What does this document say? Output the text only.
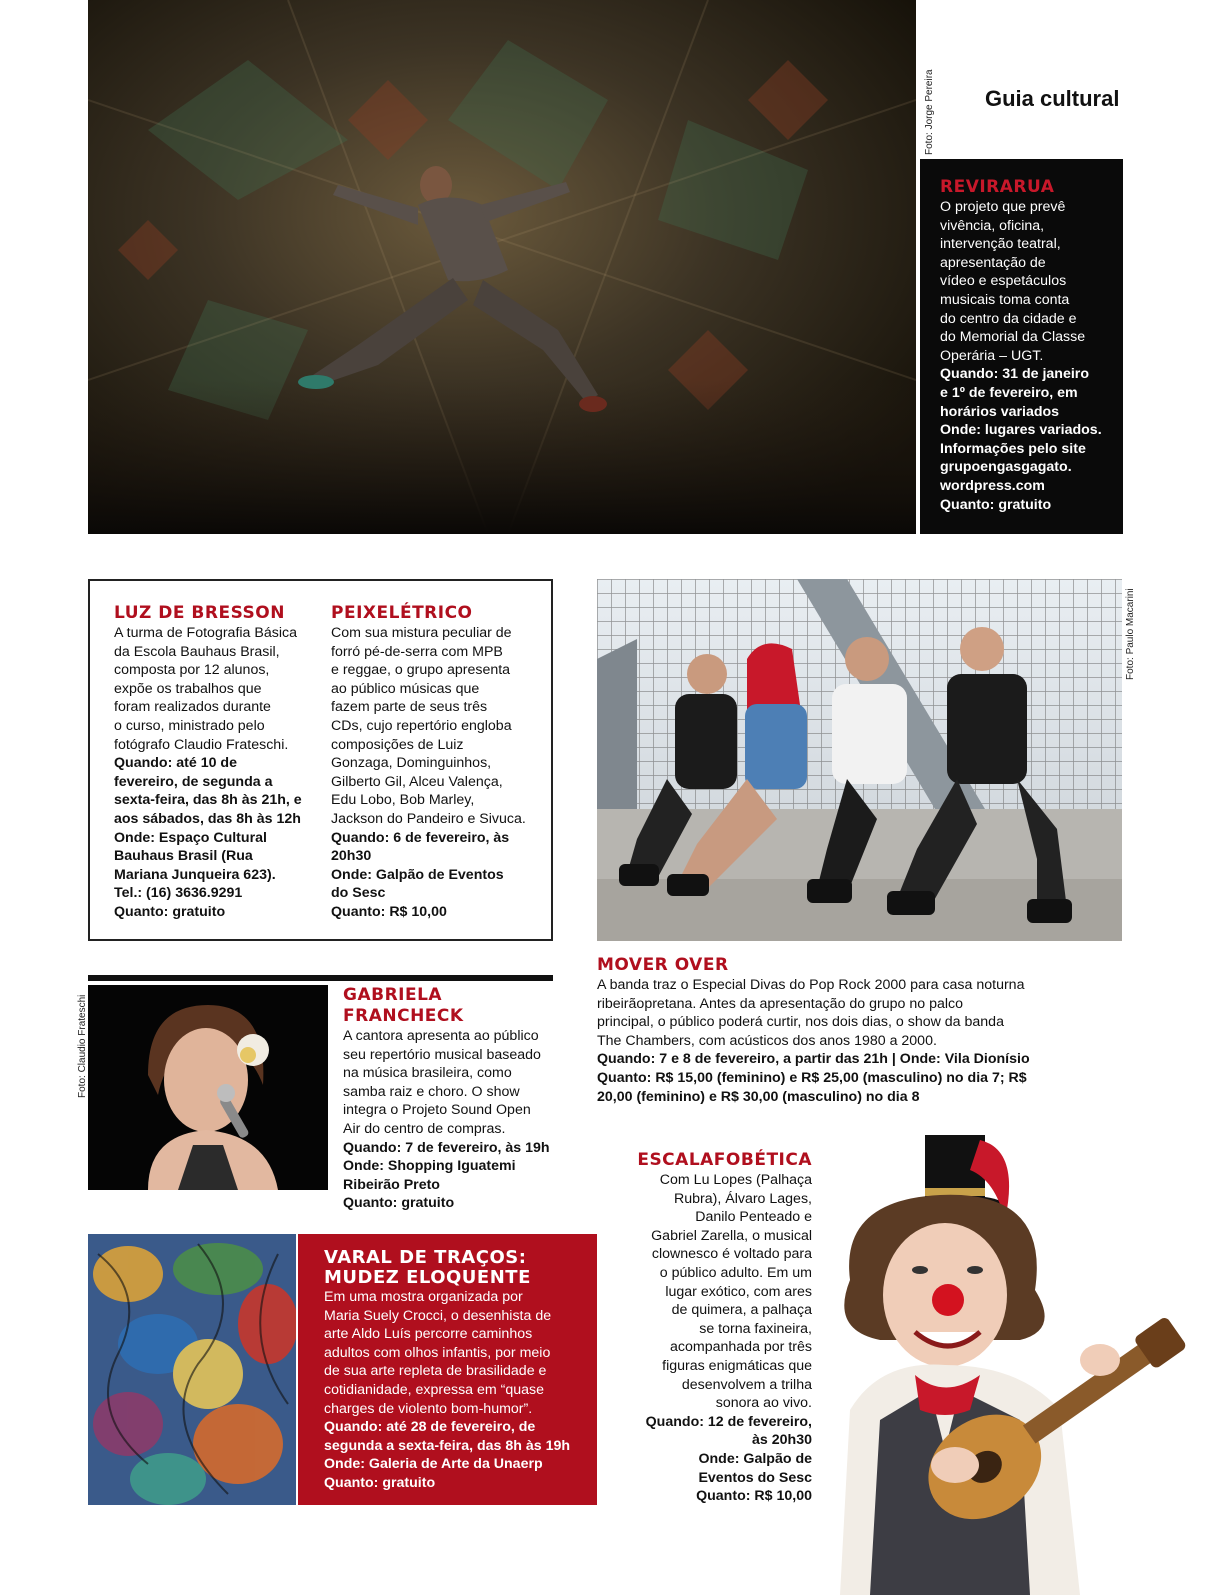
Foto: Jorge Pereira Guia cultural
REVIRARUA
O projeto que prevê
vivência, oficina,
intervenção teatral,
apresentação de
vídeo e espetáculos
musicais toma conta
do centro da cidade e
do Memorial da Classe
Operária – UGT.
Quando: 31 de janeiro
e 1º de fevereiro, em
horários variados
Onde: lugares variados.
Informações pelo site
grupoengasgagato.
wordpress.com
Quanto: gratuito
LUZ DE BRESSON
A turma de Fotografia Básica
da Escola Bauhaus Brasil,
composta por 12 alunos,
expõe os trabalhos que
foram realizados durante
o curso, ministrado pelo
fotógrafo Claudio Frateschi.
Quando: até 10 de
fevereiro, de segunda a
sexta-feira, das 8h às 21h, e
aos sábados, das 8h às 12h
Onde: Espaço Cultural
Bauhaus Brasil (Rua
Mariana Junqueira 623).
Tel.: (16) 3636.9291
Quanto: gratuito
PEIXELÉTRICO
Com sua mistura peculiar de
forró pé-de-serra com MPB
e reggae, o grupo apresenta
ao público músicas que
fazem parte de seus três
CDs, cujo repertório engloba
composições de Luiz
Gonzaga, Dominguinhos,
Gilberto Gil, Alceu Valença,
Edu Lobo, Bob Marley,
Jackson do Pandeiro e Sivuca.
Quando: 6 de fevereiro, às
20h30
Onde: Galpão de Eventos
do Sesc
Quanto: R$ 10,00
Foto: Paulo Macarini
MOVER OVER
A banda traz o Especial Divas do Pop Rock 2000 para casa noturna
ribeirãopretana. Antes da apresentação do grupo no palco
principal, o público poderá curtir, nos dois dias, o show da banda
The Chambers, com acústicos dos anos 1980 a 2000.
Quando: 7 e 8 de fevereiro, a partir das 21h | Onde: Vila Dionísio
Quanto: R$ 15,00 (feminino) e R$ 25,00 (masculino) no dia 7; R$
20,00 (feminino) e R$ 30,00 (masculino) no dia 8
Foto: Claudio Frateschi	GABRIELA FRANCHECK
A cantora apresenta ao público
seu repertório musical baseado
na música brasileira, como
samba raiz e choro. O show
integra o Projeto Sound Open
Air do centro de compras.
Quando: 7 de fevereiro, às 19h
Onde: Shopping Iguatemi
Ribeirão Preto
Quanto: gratuito
VARAL DE TRAÇOS:
MUDEZ ELOQUENTE
Em uma mostra organizada por
Maria Suely Crocci, o desenhista de
arte Aldo Luís percorre caminhos
adultos com olhos infantis, por meio
de sua arte repleta de brasilidade e
cotidianidade, expressa em “quase
charges de violento bom-humor”.
Quando: até 28 de fevereiro, de
segunda a sexta-feira, das 8h às 19h
Onde: Galeria de Arte da Unaerp
Quanto: gratuito
ESCALAFOBÉTICA
Com Lu Lopes (Palhaça
Rubra), Álvaro Lages,
Danilo Penteado e
Gabriel Zarella, o musical
clownesco é voltado para
o público adulto. Em um
lugar exótico, com ares
de quimera, a palhaça
se torna faxineira,
acompanhada por três
figuras enigmáticas que
desenvolvem a trilha
sonora ao vivo.
Quando: 12 de fevereiro,
às 20h30
Onde: Galpão de
Eventos do Sesc
Quanto: R$ 10,00
